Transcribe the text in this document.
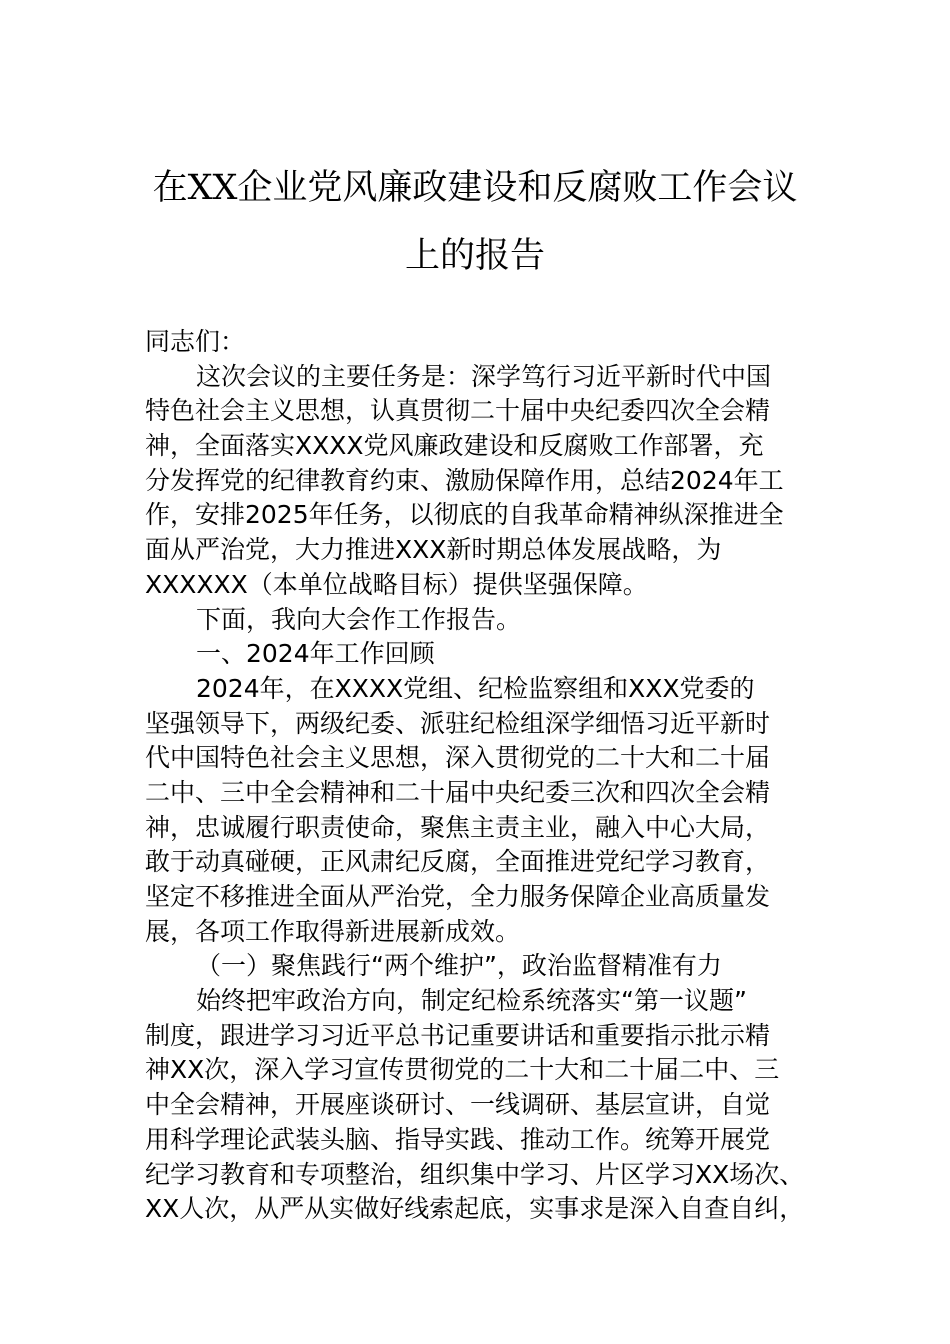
在XX企业党风廉政建设和反腐败工作会议
上的报告
同志们：
这次会议的主要任务是：深学笃行习近平新时代中国
特色社会主义思想，认真贯彻二十届中央纪委四次全会精
神，全面落实XXXX党风廉政建设和反腐败工作部署，充
分发挥党的纪律教育约束、激励保障作用，总结2024年工
作，安排2025年任务，以彻底的自我革命精神纵深推进全
面从严治党，大力推进XXX新时期总体发展战略，为
XXXXXX（本单位战略目标）提供坚强保障。
下面，我向大会作工作报告。
一、2024年工作回顾
2024年，在XXXX党组、纪检监察组和XXX党委的
坚强领导下，两级纪委、派驻纪检组深学细悟习近平新时
代中国特色社会主义思想，深入贯彻党的二十大和二十届
二中、三中全会精神和二十届中央纪委三次和四次全会精
神，忠诚履行职责使命，聚焦主责主业，融入中心大局，
敢于动真碰硬，正风肃纪反腐，全面推进党纪学习教育，
坚定不移推进全面从严治党，全力服务保障企业高质量发
展，各项工作取得新进展新成效。
（一）聚焦践行“两个维护”，政治监督精准有力
始终把牢政治方向，制定纪检系统落实“第一议题”
制度，跟进学习习近平总书记重要讲话和重要指示批示精
神XX次，深入学习宣传贯彻党的二十大和二十届二中、三
中全会精神，开展座谈研讨、一线调研、基层宣讲，自觉
用科学理论武装头脑、指导实践、推动工作。统筹开展党
纪学习教育和专项整治，组织集中学习、片区学习XX场次、
XX人次，从严从实做好线索起底，实事求是深入自查自纠，
